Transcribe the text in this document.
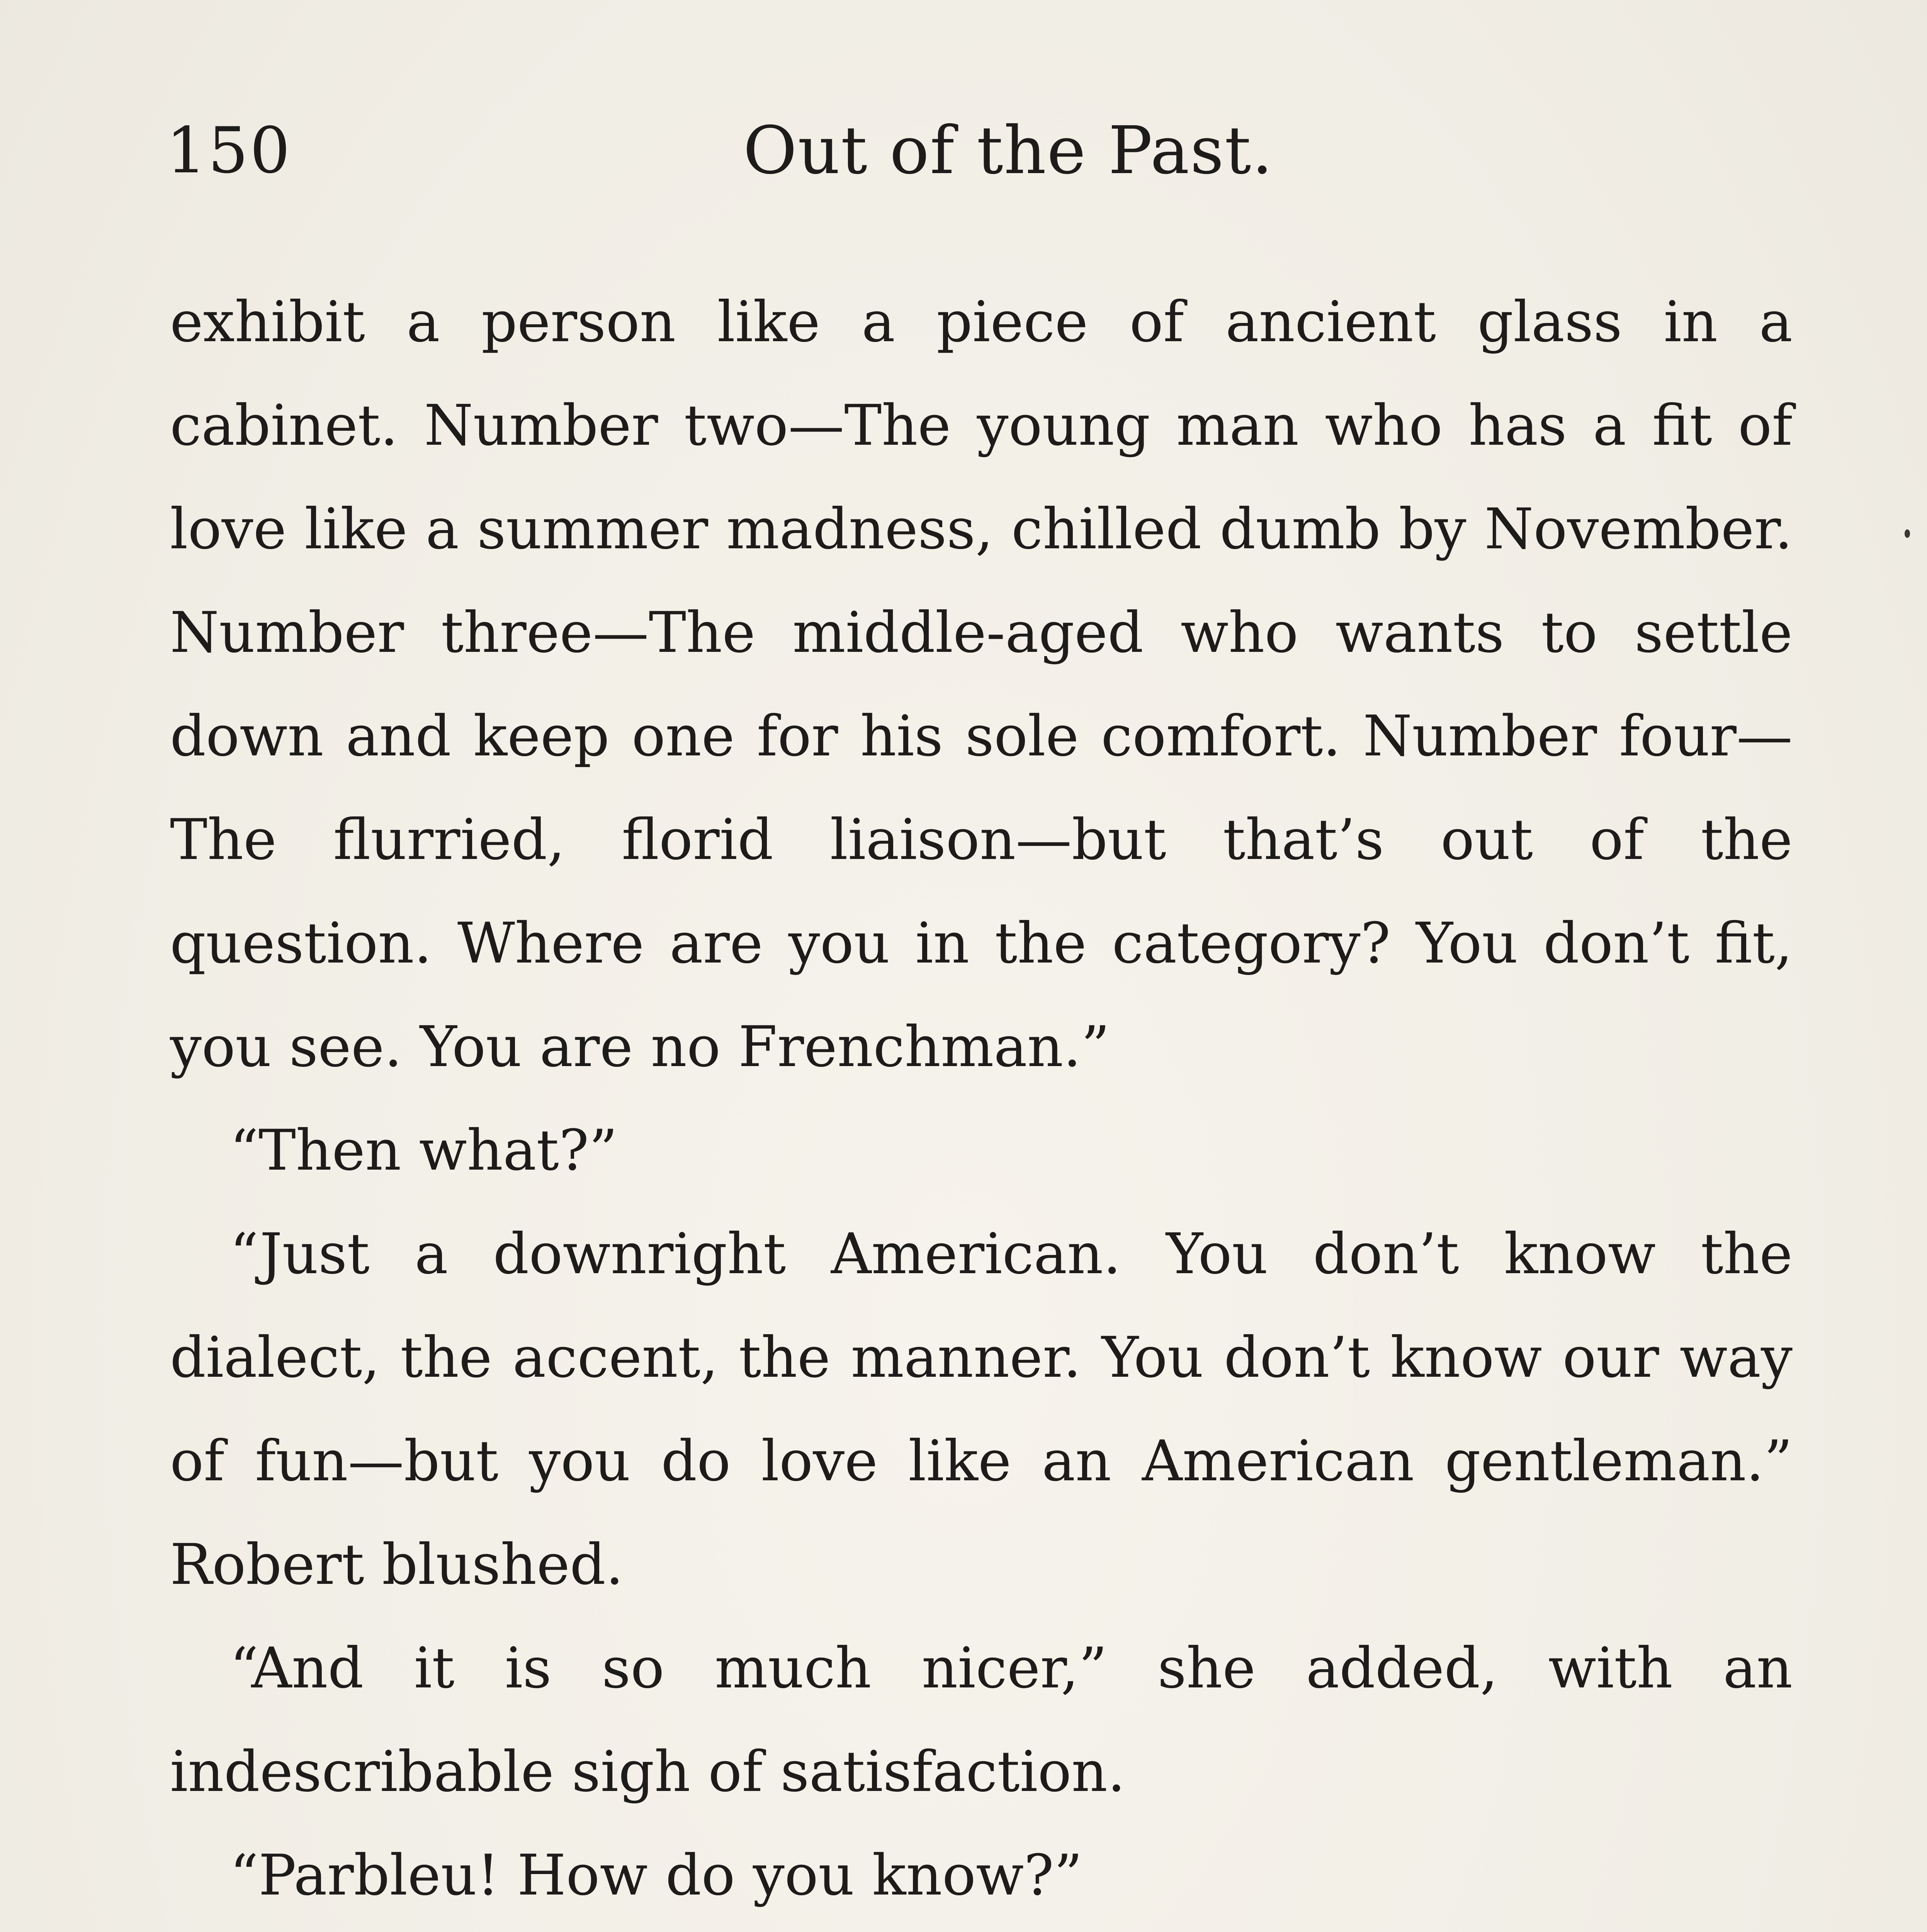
150	Out of the Past.

exhibit a person like a piece of ancient glass in a cabinet. Number two—The young man who has a fit of love like a summer madness, chilled dumb by November. Number three—The middle-aged who wants to settle down and keep one for his sole comfort. Number four—The flurried, florid liaison—but that’s out of the question. Where are you in the category? You don’t fit, you see. You are no Frenchman.”

“Then what?”

“Just a downright American. You don’t know the dialect, the accent, the manner. You don’t know our way of fun—but you do love like an American gentleman.” Robert blushed.

“And it is so much nicer,” she added, with an indescribable sigh of satisfaction.

“Parbleu! How do you know?”
